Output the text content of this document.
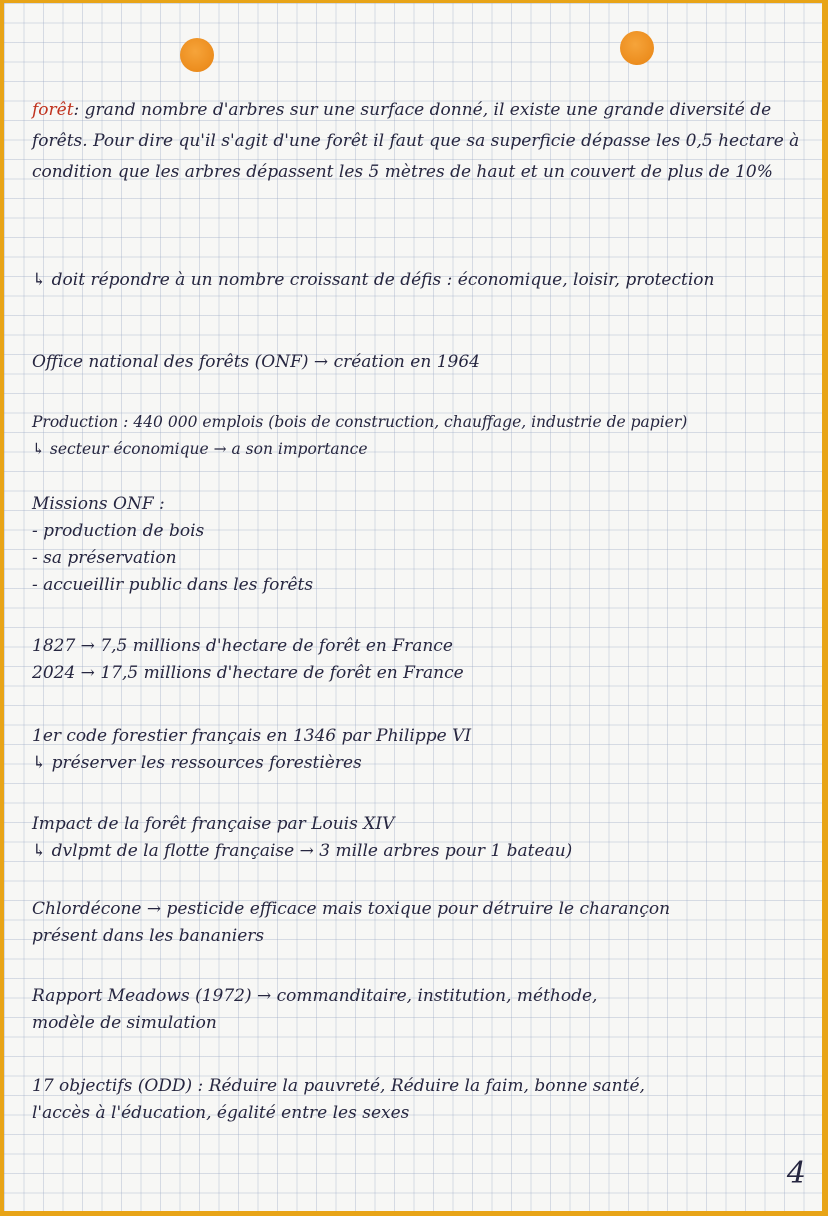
forêt: grand nombre d'arbres sur une surface donné, il existe une grande diversité de forêts. Pour dire qu'il s'agit d'une forêt il faut que sa superficie dépasse les 0,5 hectare à condition que les arbres dépassent les 5 mètres de haut et un couvert de plus de 10%

↳ doit répondre à un nombre croissant de défis : économique, loisir, protection

Office national des forêts (ONF) → création en 1964

Production : 440 000 emplois (bois de construction, chauffage, industrie de papier)
↳ secteur économique → a son importance

Missions ONF :
- production de bois
- sa préservation
- accueillir public dans les forêts

1827 → 7,5 millions d'hectare de forêt en France
2024 → 17,5 millions d'hectare de forêt en France

1er code forestier français en 1346 par Philippe VI
↳ préserver les ressources forestières

Impact de la forêt française par Louis XIV
↳ dvlpmt de la flotte française → 3 mille arbres pour 1 bateau)

Chlordécone → pesticide efficace mais toxique pour détruire le charançon
présent dans les bananiers

Rapport Meadows (1972) → commanditaire, institution, méthode,
modèle de simulation

17 objectifs (ODD) : Réduire la pauvreté, Réduire la faim, bonne santé,
l'accès à l'éducation, égalité entre les sexes

4
